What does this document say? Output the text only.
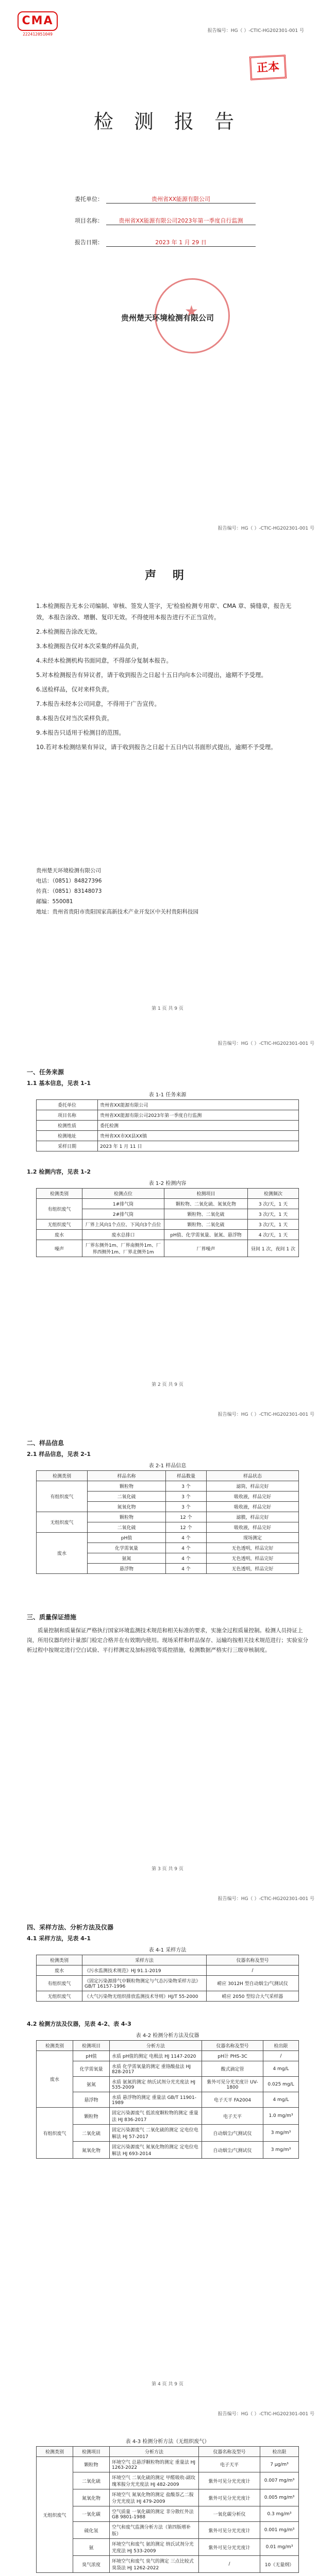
CMA
222412051049
报告编号：HG（ ）-CTIC-HG202301-001 号
正本
检 测 报 告
委托单位：	贵州省XX能源有限公司
项目名称：	贵州省XX能源有限公司2023年第一季度自行监测
报告日期：	2023 年 1 月 29 日
★
贵州楚天环境检测有限公司
报告编号：HG（ ）-CTIC-HG202301-001 号
声 明

1.本检测报告无本公司编制、审核、签发人签字，无'检验检测专用章'、CMA 章、骑缝章，报告无效，本报告涂改、增删、复印无效。不得使用本报告进行不正当宣传。

2.本检测报告涂改无效。

3.本检测报告仅对本次采集的样品负责，

4.未经本检测机构书面同意，不得部分复制本报告。

5.对本检测报告有异议者，请于收到报告之日起十五日内向本公司提出，逾期不予受理。

6.送检样品，仅对来样负责。

7.本报告未经本公司同意，不得用于广告宣传。

8.本报告仅对当次采样负责。

9.本报告只适用于检测目的范围。

10.若对本检测结果有异议，请于收到报告之日起十五日内以书面形式提出，逾期不予受理。

贵州楚天环境检测有限公司
电话：（0851）84827396
传真：（0851）83148073
邮编：550081
地址：贵州省贵阳市贵阳国家高新技术产业开发区中关村贵阳科技园
第 1 页 共 9 页
报告编号：HG（ ）-CTIC-HG202301-001 号
一、任务来源
1.1 基本信息，见表 1-1
表 1-1 任务来源
委托单位	贵州省XX能源有限公司
项目名称	贵州省XX能源有限公司2023年第一季度自行监测
检测性质	委托检测
检测地址	贵州省XX市XX县XX镇
采样日期	2023 年 1 月 11 日
1.2 检测内容，见表 1-2
表 1-2 检测内容
检测类别	检测点位	检测项目	检测频次
有组织废气	1#排气筒	颗粒物、二氧化硫、氮氧化物	3 次/天，1 天
	2#排气筒	颗粒物、二氧化硫	3 次/天，1 天
无组织废气	厂界上风向1个点位、下风向3个点位	颗粒物、二氧化硫	3 次/天，1 天
废水	废水总排口	pH值、化学需氧量、氨氮、悬浮物	4 次/天，1 天
噪声	厂界东侧外1m、厂界南侧外1m、厂界西侧外1m、厂界北侧外1m	厂界噪声	昼间 1 次，夜间 1 次
第 2 页 共 9 页
报告编号：HG（ ）-CTIC-HG202301-001 号
二、样品信息
2.1 样品信息，见表 2-1
表 2-1 样品信息
检测类别	样品名称	样品数量	样品状态
有组织废气	颗粒物	3 个	滤筒，样品完好
	二氧化硫	3 个	吸收液，样品完好
	氮氧化物	3 个	吸收液，样品完好
无组织废气	颗粒物	12 个	滤膜，样品完好
	二氧化硫	12 个	吸收液，样品完好
废水	pH值	4 个	现场测定
	化学需氧量	4 个	无色透明，样品完好
	氨氮	4 个	无色透明，样品完好
	悬浮物	4 个	无色透明，样品完好
三、质量保证措施
质量控制和质量保证严格执行国家环境监测技术规范和相关标准的要求，实施全过程质量控制。检测人员持证上岗，所用仪器均经计量部门检定合格并在有效期内使用。现场采样和样品保存、运输均按相关技术规范进行；实验室分析过程中按规定进行空白试验、平行样测定及加标回收等质控措施，检测数据严格实行三级审核制度。
第 3 页 共 9 页
报告编号：HG（ ）-CTIC-HG202301-001 号
四、采样方法、分析方法及仪器
4.1 采样方法，见表 4-1
表 4-1 采样方法
检测类别	采样方法	仪器名称及型号
废水	《污水监测技术规范》HJ 91.1-2019	/
有组织废气	《固定污染源排气中颗粒物测定与气态污染物采样方法》GB/T 16157-1996	崂应 3012H 型自动烟尘/气测试仪
无组织废气	《大气污染物无组织排放监测技术导则》HJ/T 55-2000	崂应 2050 型综合大气采样器
4.2 检测方法及仪器，见表 4-2、表 4-3
表 4-2 检测分析方法及仪器
检测类别	检测项目	分析方法	仪器名称及型号	检出限
废水	pH值	水质 pH值的测定 电极法 HJ 1147-2020	pH计 PHS-3C	/
	化学需氧量	水质 化学需氧量的测定 重铬酸盐法 HJ 828-2017	酸式滴定管	4 mg/L
	氨氮	水质 氨氮的测定 纳氏试剂分光光度法 HJ 535-2009	紫外可见分光光度计 UV-1800	0.025 mg/L
	悬浮物	水质 悬浮物的测定 重量法 GB/T 11901-1989	电子天平 FA2004	4 mg/L
有组织废气	颗粒物	固定污染源废气 低浓度颗粒物的测定 重量法 HJ 836-2017	电子天平	1.0 mg/m³
	二氧化硫	固定污染源废气 二氧化硫的测定 定电位电解法 HJ 57-2017	自动烟尘/气测试仪	3 mg/m³
	氮氧化物	固定污染源废气 氮氧化物的测定 定电位电解法 HJ 693-2014	自动烟尘/气测试仪	3 mg/m³
第 4 页 共 9 页
报告编号：HG（ ）-CTIC-HG202301-001 号
表 4-3 检测分析方法（无组织废气）
检测类别	检测项目	分析方法	仪器名称及型号	检出限
无组织废气	颗粒物	环境空气 总悬浮颗粒物的测定 重量法 HJ 1263-2022	电子天平	7 μg/m³
	二氧化硫	环境空气 二氧化硫的测定 甲醛吸收-副玫瑰苯胺分光光度法 HJ 482-2009	紫外可见分光光度计	0.007 mg/m³
	氮氧化物	环境空气 氮氧化物的测定 盐酸萘乙二胺分光光度法 HJ 479-2009	紫外可见分光光度计	0.005 mg/m³
	一氧化碳	空气质量 一氧化碳的测定 非分散红外法 GB 9801-1988	一氧化碳分析仪	0.3 mg/m³
	硫化氢	空气和废气监测分析方法（第四版增补版）	紫外可见分光光度计	0.001 mg/m³
	氨	环境空气和废气 氨的测定 纳氏试剂分光光度法 HJ 533-2009	紫外可见分光光度计	0.01 mg/m³
	臭气浓度	环境空气和废气 臭气的测定 三点比较式臭袋法 HJ 1262-2022	/	10（无量纲）
